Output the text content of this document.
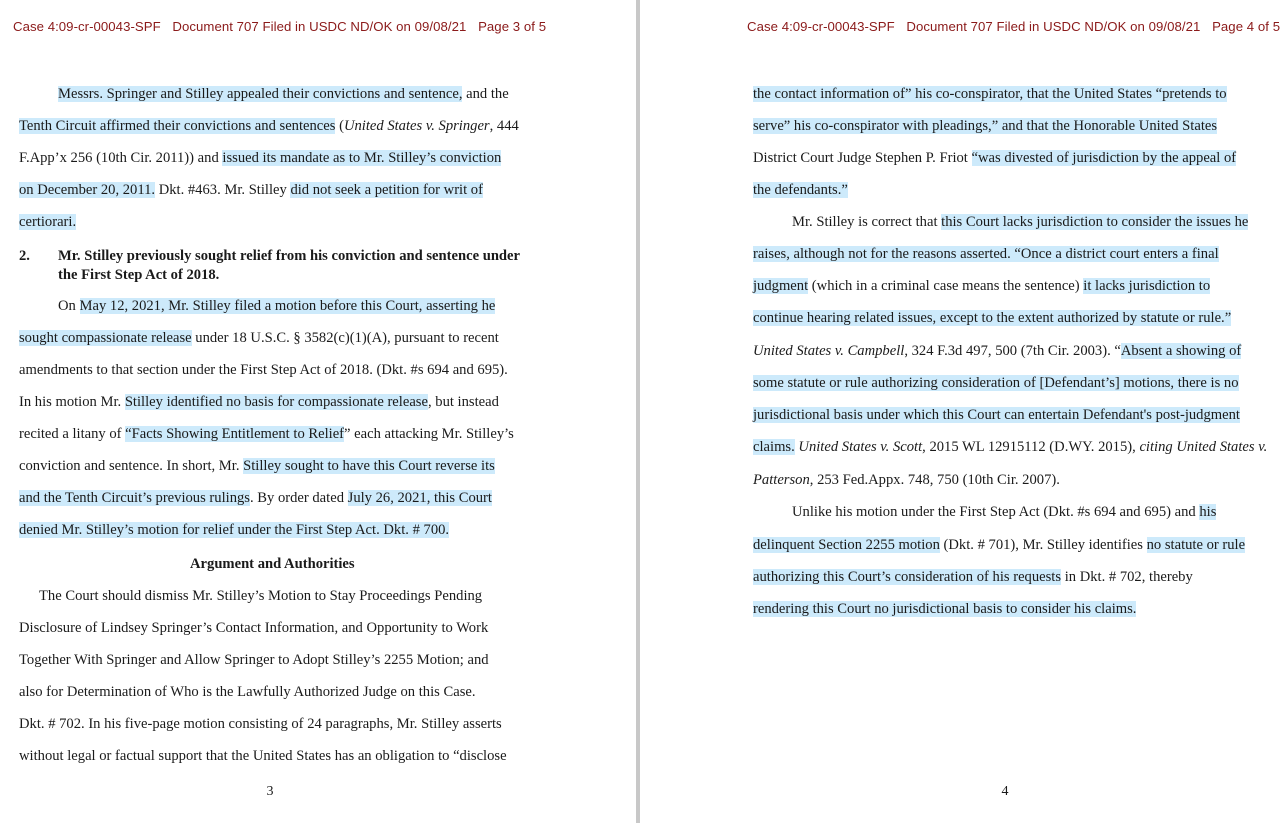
Case 4:09-cr-00043-SPF Document 707 Filed in USDC ND/OK on 09/08/21 Page 3 of 5
Messrs. Springer and Stilley appealed their convictions and sentence, and the
Tenth Circuit affirmed their convictions and sentences (United States v. Springer, 444
F.App’x 256 (10th Cir. 2011)) and issued its mandate as to Mr. Stilley’s conviction
on December 20, 2011. Dkt. #463. Mr. Stilley did not seek a petition for writ of
certiorari.
2. Mr. Stilley previously sought relief from his conviction and sentence under
the First Step Act of 2018.
On May 12, 2021, Mr. Stilley filed a motion before this Court, asserting he
sought compassionate release under 18 U.S.C. § 3582(c)(1)(A), pursuant to recent
amendments to that section under the First Step Act of 2018. (Dkt. #s 694 and 695).
In his motion Mr. Stilley identified no basis for compassionate release, but instead
recited a litany of “Facts Showing Entitlement to Relief” each attacking Mr. Stilley’s
conviction and sentence. In short, Mr. Stilley sought to have this Court reverse its
and the Tenth Circuit’s previous rulings. By order dated July 26, 2021, this Court
denied Mr. Stilley’s motion for relief under the First Step Act. Dkt. # 700.
Argument and Authorities
The Court should dismiss Mr. Stilley’s Motion to Stay Proceedings Pending
Disclosure of Lindsey Springer’s Contact Information, and Opportunity to Work
Together With Springer and Allow Springer to Adopt Stilley’s 2255 Motion; and
also for Determination of Who is the Lawfully Authorized Judge on this Case.
Dkt. # 702. In his five-page motion consisting of 24 paragraphs, Mr. Stilley asserts
without legal or factual support that the United States has an obligation to “disclose
3
Case 4:09-cr-00043-SPF Document 707 Filed in USDC ND/OK on 09/08/21 Page 4 of 5
the contact information of” his co-conspirator, that the United States “pretends to
serve” his co-conspirator with pleadings,” and that the Honorable United States
District Court Judge Stephen P. Friot “was divested of jurisdiction by the appeal of
the defendants.”
Mr. Stilley is correct that this Court lacks jurisdiction to consider the issues he
raises, although not for the reasons asserted. “Once a district court enters a final
judgment (which in a criminal case means the sentence) it lacks jurisdiction to
continue hearing related issues, except to the extent authorized by statute or rule.”
United States v. Campbell, 324 F.3d 497, 500 (7th Cir. 2003). “Absent a showing of
some statute or rule authorizing consideration of [Defendant’s] motions, there is no
jurisdictional basis under which this Court can entertain Defendant's post-judgment
claims. United States v. Scott, 2015 WL 12915112 (D.WY. 2015), citing United States v.
Patterson, 253 Fed.Appx. 748, 750 (10th Cir. 2007).
Unlike his motion under the First Step Act (Dkt. #s 694 and 695) and his
delinquent Section 2255 motion (Dkt. # 701), Mr. Stilley identifies no statute or rule
authorizing this Court’s consideration of his requests in Dkt. # 702, thereby
rendering this Court no jurisdictional basis to consider his claims.
4
